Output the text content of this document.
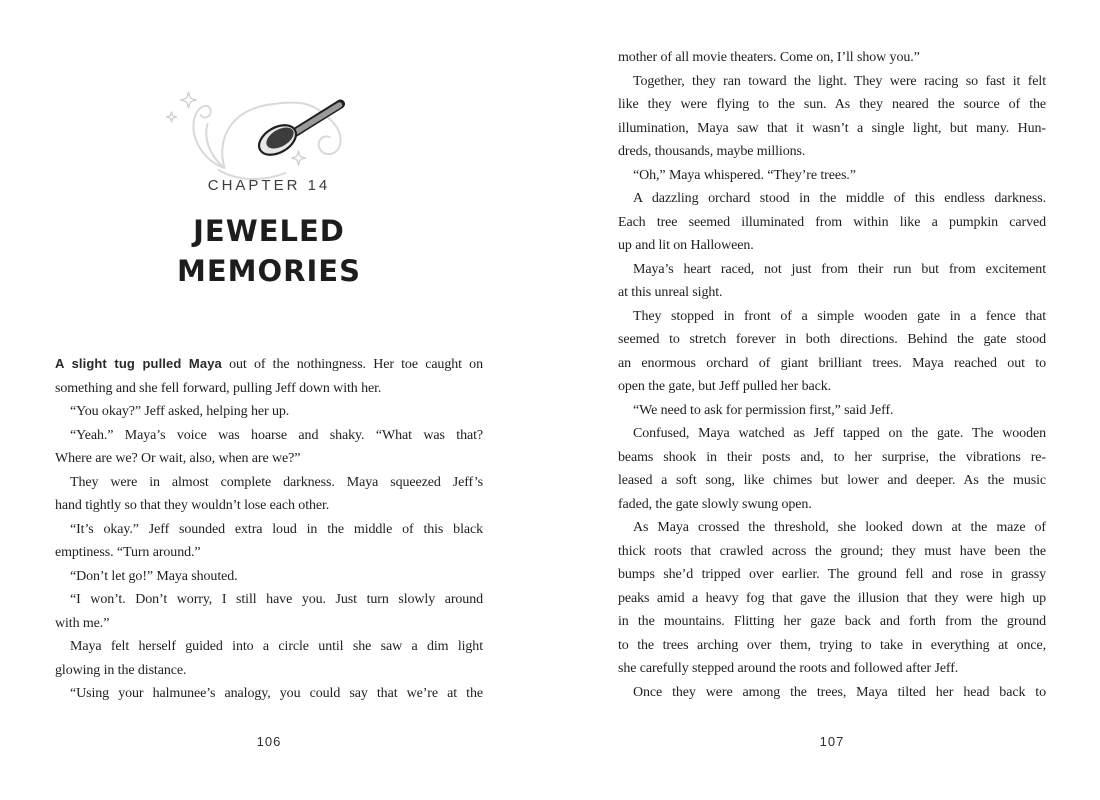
CHAPTER 14
JEWELED
MEMORIES
A slight tug pulled Maya out of the nothingness. Her toe caught on
something and she fell forward, pulling Jeff down with her.
“You okay?” Jeff asked, helping her up.
“Yeah.” Maya’s voice was hoarse and shaky. “What was that?
Where are we? Or wait, also, when are we?”
They were in almost complete darkness. Maya squeezed Jeff’s
hand tightly so that they wouldn’t lose each other.
“It’s okay.” Jeff sounded extra loud in the middle of this black
emptiness. “Turn around.”
“Don’t let go!” Maya shouted.
“I won’t. Don’t worry, I still have you. Just turn slowly around
with me.”
Maya felt herself guided into a circle until she saw a dim light
glowing in the distance.
“Using your halmunee’s analogy, you could say that we’re at the
106
mother of all movie theaters. Come on, I’ll show you.”
Together, they ran toward the light. They were racing so fast it felt
like they were flying to the sun. As they neared the source of the
illumination, Maya saw that it wasn’t a single light, but many. Hun-
dreds, thousands, maybe millions.
“Oh,” Maya whispered. “They’re trees.”
A dazzling orchard stood in the middle of this endless darkness.
Each tree seemed illuminated from within like a pumpkin carved
up and lit on Halloween.
Maya’s heart raced, not just from their run but from excitement
at this unreal sight.
They stopped in front of a simple wooden gate in a fence that
seemed to stretch forever in both directions. Behind the gate stood
an enormous orchard of giant brilliant trees. Maya reached out to
open the gate, but Jeff pulled her back.
“We need to ask for permission first,” said Jeff.
Confused, Maya watched as Jeff tapped on the gate. The wooden
beams shook in their posts and, to her surprise, the vibrations re-
leased a soft song, like chimes but lower and deeper. As the music
faded, the gate slowly swung open.
As Maya crossed the threshold, she looked down at the maze of
thick roots that crawled across the ground; they must have been the
bumps she’d tripped over earlier. The ground fell and rose in grassy
peaks amid a heavy fog that gave the illusion that they were high up
in the mountains. Flitting her gaze back and forth from the ground
to the trees arching over them, trying to take in everything at once,
she carefully stepped around the roots and followed after Jeff.
Once they were among the trees, Maya tilted her head back to
107
